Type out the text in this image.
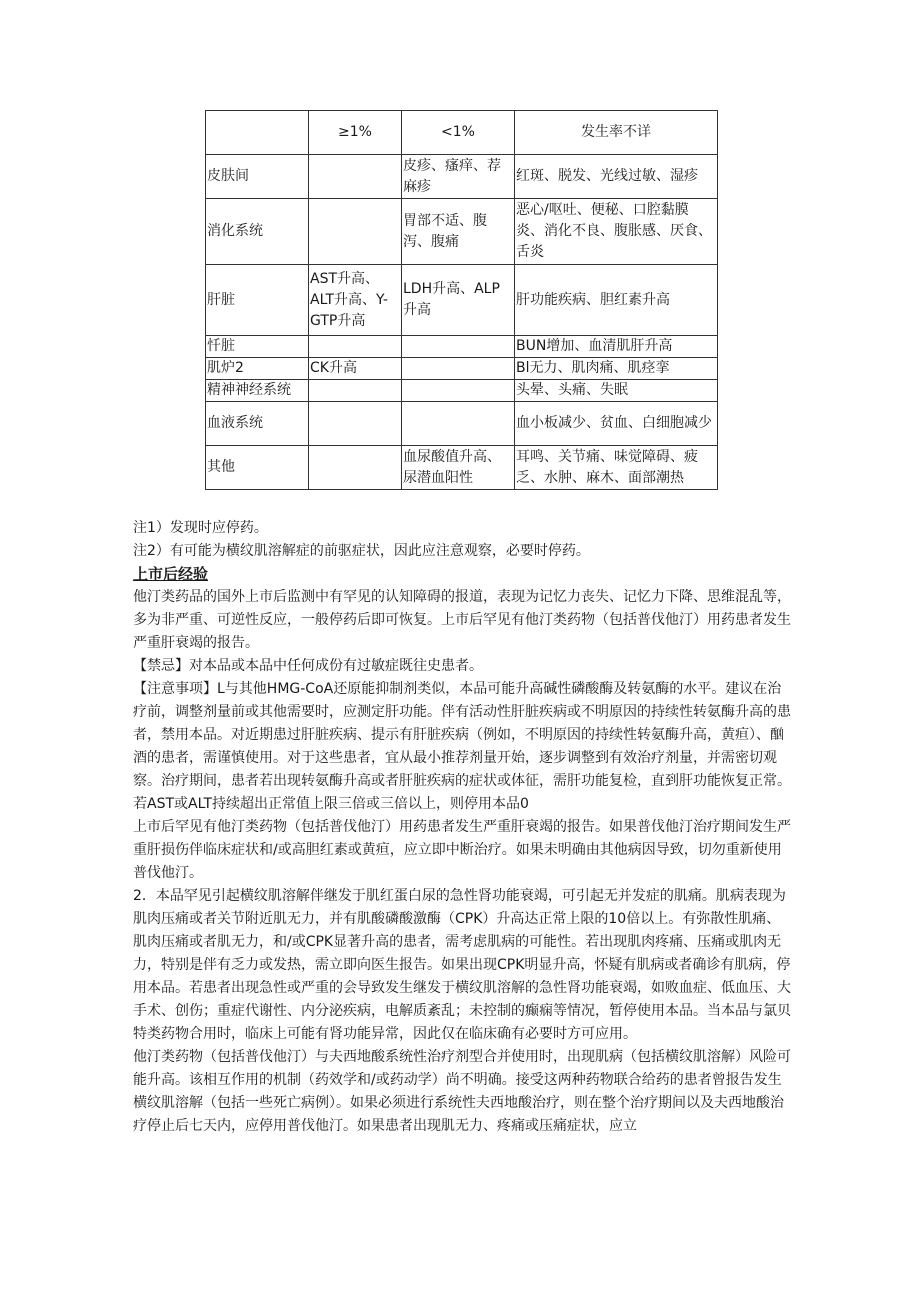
	≥1%	<1%	发生率不详
皮肤间		皮疹、瘙痒、荐麻疹	红斑、脱发、光线过敏、湿疹
消化系统		胃部不适、腹泻、腹痛	恶心/呕吐、便秘、口腔黏膜炎、消化不良、腹胀感、厌食、舌炎
肝脏	AST升高、ALT升高、Y-GTP升高	LDH升高、ALP升高	肝功能疾病、胆红素升高
忏脏			BUN增加、血清肌肝升高
肌炉2	CK升高		Bl无力、肌肉痛、肌痉挛
精神神经系统			头晕、头痛、失眠
血液系统			血小板减少、贫血、白细胞减少
其他		血尿酸值升高、尿潜血阳性	耳鸣、关节痛、味觉障碍、疲乏、水肿、麻木、面部潮热

注1）发现时应停药。

注2）有可能为横纹肌溶解症的前驱症状，因此应注意观察，必要时停药。

上市后经验

他汀类药品的国外上市后监测中有罕见的认知障碍的报道，表现为记忆力丧失、记忆力下降、思维混乱等，多为非严重、可逆性反应，一般停药后即可恢复。上市后罕见有他汀类药物（包括普伐他汀）用药患者发生严重肝衰竭的报告。

【禁忌】对本品或本品中任何成份有过敏症既往史患者。

【注意事项】L与其他HMG-CoA还原能抑制剂类似，本品可能升高碱性磷酸酶及转氨酶的水平。建议在治疗前，调整剂量前或其他需要时，应测定肝功能。伴有活动性肝脏疾病或不明原因的持续性转氨酶升高的患者，禁用本品。对近期患过肝脏疾病、提示有肝脏疾病（例如，不明原因的持续性转氨酶升高，黄疸）、酗酒的患者，需谨慎使用。对于这些患者，宜从最小推荐剂量开始，逐步调整到有效治疗剂量，并需密切观察。治疗期间，患者若出现转氨酶升高或者肝脏疾病的症状或体征，需肝功能复检，直到肝功能恢复正常。若AST或ALT持续超出正常值上限三倍或三倍以上，则停用本品0

上市后罕见有他汀类药物（包括普伐他汀）用药患者发生严重肝衰竭的报告。如果普伐他汀治疗期间发生严重肝损伤伴临床症状和/或高胆红素或黄疸，应立即中断治疗。如果未明确由其他病因导致，切勿重新使用普伐他汀。

2．本品罕见引起横纹肌溶解伴继发于肌红蛋白尿的急性肾功能衰竭，可引起无并发症的肌痛。肌病表现为肌肉压痛或者关节附近肌无力，并有肌酸磷酸激酶（CPK）升高达正常上限的10倍以上。有弥散性肌痛、肌肉压痛或者肌无力，和/或CPK显著升高的患者，需考虑肌病的可能性。若出现肌肉疼痛、压痛或肌肉无力，特别是伴有乏力或发热，需立即向医生报告。如果出现CPK明显升高，怀疑有肌病或者确诊有肌病，停用本品。若患者出现急性或严重的会导致发生继发于横纹肌溶解的急性肾功能衰竭，如败血症、低血压、大手术、创伤；重症代谢性、内分泌疾病，电解质紊乱；未控制的癫痫等情况，暂停使用本品。当本品与氯贝特类药物合用时，临床上可能有肾功能异常，因此仅在临床确有必要时方可应用。

他汀类药物（包括普伐他汀）与夫西地酸系统性治疗剂型合并使用时，出现肌病（包括横纹肌溶解）风险可能升高。该相互作用的机制（药效学和/或药动学）尚不明确。接受这两种药物联合给药的患者曾报告发生横纹肌溶解（包括一些死亡病例）。如果必须进行系统性夫西地酸治疗，则在整个治疗期间以及夫西地酸治疗停止后七天内，应停用普伐他汀。如果患者出现肌无力、疼痛或压痛症状，应立
